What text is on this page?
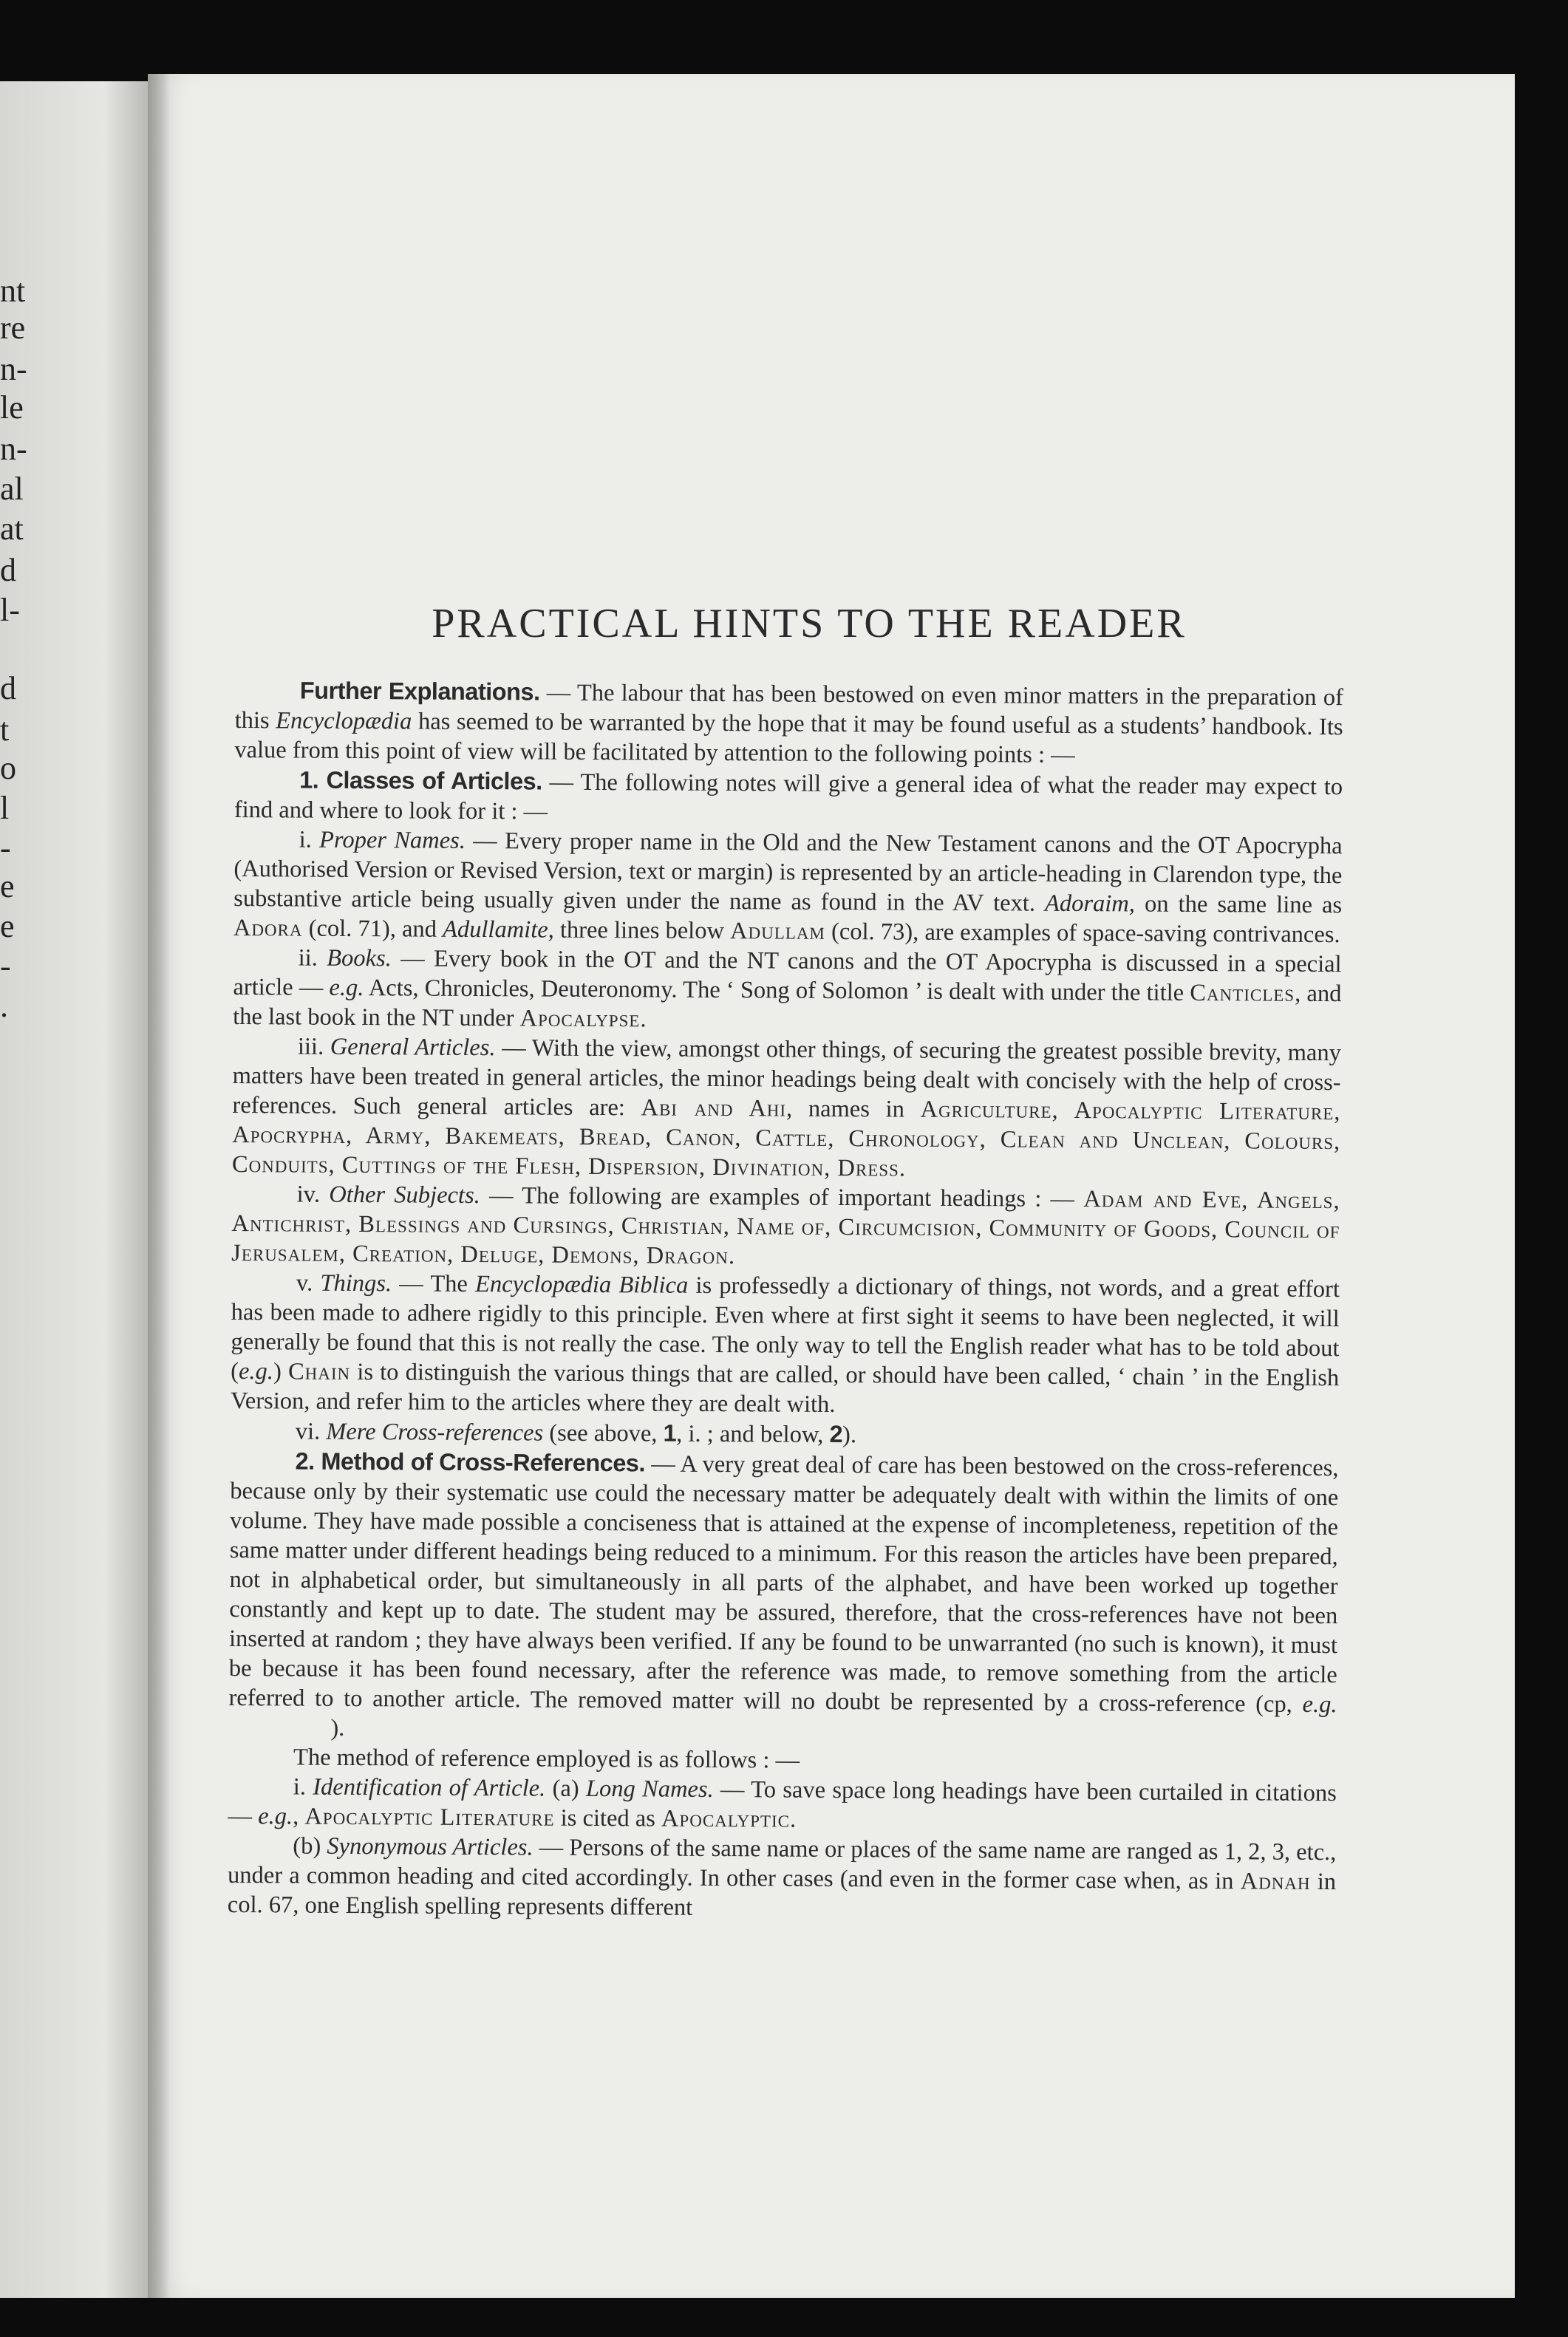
nt
re
n-
le
n-
al
at
d
l-
d
t
o
l
-
e
e
-
.
PRACTICAL HINTS TO THE READER

Further Explanations. — The labour that has been bestowed on even minor matters in the preparation of this Encyclopædia has seemed to be warranted by the hope that it may be found useful as a students’ handbook. Its value from this point of view will be facilitated by attention to the following points : —

1. Classes of Articles. — The following notes will give a general idea of what the reader may expect to find and where to look for it : —

i. Proper Names. — Every proper name in the Old and the New Testament canons and the OT Apocrypha (Authorised Version or Revised Version, text or margin) is represented by an article-heading in Clarendon type, the substantive article being usually given under the name as found in the AV text. Adoraim, on the same line as Adora (col. 71), and Adullamite, three lines below Adullam (col. 73), are examples of space-saving contrivances.

ii. Books. — Every book in the OT and the NT canons and the OT Apocrypha is discussed in a special article — e.g. Acts, Chronicles, Deuteronomy. The ‘ Song of Solomon ’ is dealt with under the title Canticles, and the last book in the NT under Apocalypse.

iii. General Articles. — With the view, amongst other things, of securing the greatest possible brevity, many matters have been treated in general articles, the minor headings being dealt with concisely with the help of cross-references. Such general articles are: Abi and Ahi, names in Agriculture, Apocalyptic Literature, Apocrypha, Army, Bakemeats, Bread, Canon, Cattle, Chronology, Clean and Unclean, Colours, Conduits, Cuttings of the Flesh, Dispersion, Divination, Dress.

iv. Other Subjects. — The following are examples of important headings : — Adam and Eve, Angels, Antichrist, Blessings and Cursings, Christian, Name of, Circumcision, Community of Goods, Council of Jerusalem, Creation, Deluge, Demons, Dragon.

v. Things. — The Encyclopædia Biblica is professedly a dictionary of things, not words, and a great effort has been made to adhere rigidly to this principle. Even where at first sight it seems to have been neglected, it will generally be found that this is not really the case. The only way to tell the English reader what has to be told about (e.g.) Chain is to distinguish the various things that are called, or should have been called, ‘ chain ’ in the English Version, and refer him to the articles where they are dealt with.

vi. Mere Cross-references (see above, 1, i. ; and below, 2).

2. Method of Cross-References. — A very great deal of care has been bestowed on the cross-references, because only by their systematic use could the necessary matter be adequately dealt with within the limits of one volume. They have made possible a conciseness that is attained at the expense of incompleteness, repetition of the same matter under different headings being reduced to a minimum. For this reason the articles have been prepared, not in alphabetical order, but simultaneously in all parts of the alphabet, and have been worked up together constantly and kept up to date. The student may be assured, therefore, that the cross-references have not been inserted at random ; they have always been verified. If any be found to be unwarranted (no such is known), it must be because it has been found necessary, after the reference was made, to remove something from the article referred to to another article. The removed matter will no doubt be represented by a cross-reference (cp, e.g.                 ).

The method of reference employed is as follows : —

i. Identification of Article. (a) Long Names. — To save space long headings have been curtailed in citations — e.g., Apocalyptic Literature is cited as Apocalyptic.

(b) Synonymous Articles. — Persons of the same name or places of the same name are ranged as 1, 2, 3, etc., under a common heading and cited accordingly. In other cases (and even in the former case when, as in Adnah in col. 67, one English spelling represents different
